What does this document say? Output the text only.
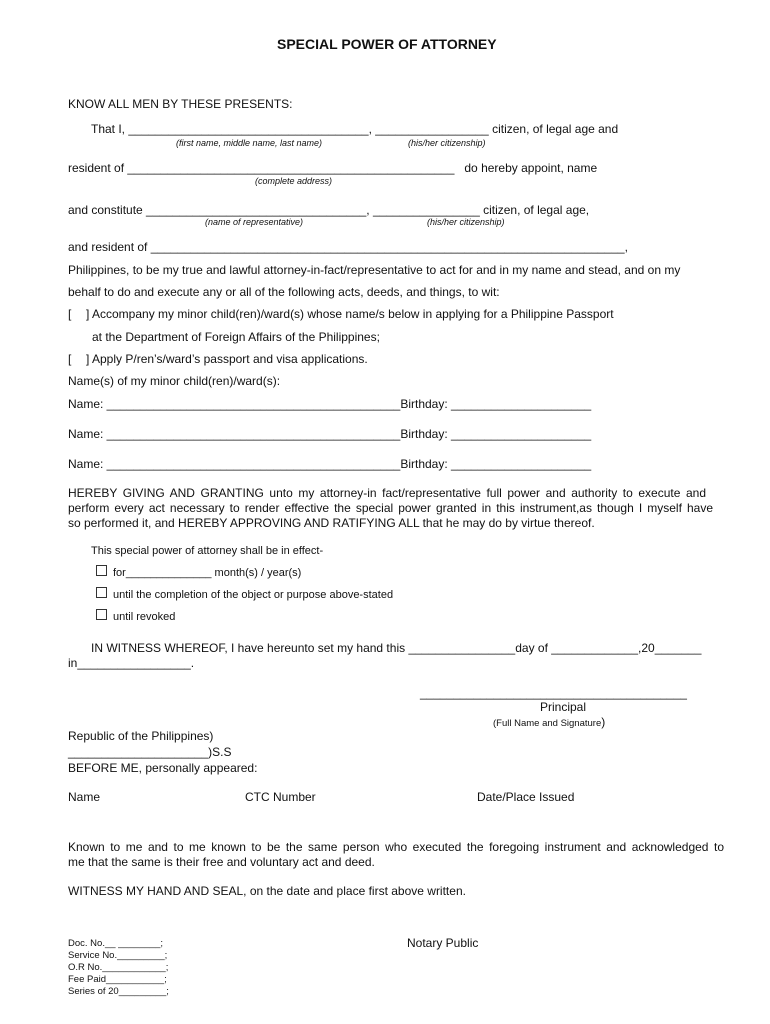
SPECIAL POWER OF ATTORNEY
KNOW ALL MEN BY THESE PRESENTS:
That I, ____________________________________, _________________ citizen, of legal age and
(first name, middle name, last name)	(his/her citizenship)
resident of _________________________________________________   do hereby appoint, name
(complete address)
and constitute _________________________________, ________________ citizen, of legal age,
(name of representative)	(his/her citizenship)
and resident of _______________________________________________________________________,
Philippines, to be my true and lawful attorney-in-fact/representative to act for and in my name and stead, and on my
behalf to do and execute any or all of the following acts, deeds, and things, to wit:
[ ] Accompany my minor child(ren)/ward(s) whose name/s below in applying for a Philippine Passport
at the Department of Foreign Affairs of the Philippines;
[ ] Apply P/ren’s/ward’s passport and visa applications.
Name(s) of my minor child(ren)/ward(s):
Name: ____________________________________________Birthday: _____________________
Name: ____________________________________________Birthday: _____________________
Name: ____________________________________________Birthday: _____________________
HEREBY GIVING AND GRANTING unto my attorney-in fact/representative full power and authority to execute and
perform every act necessary to render effective the special power granted in this instrument,as though I myself have
so performed it, and HEREBY APPROVING AND RATIFYING ALL that he may do by virtue thereof.
This special power of attorney shall be in effect-
for______________ month(s) / year(s)
until the completion of the object or purpose above-stated
until revoked
IN WITNESS WHEREOF, I have hereunto set my hand this ________________day of _____________,20_______
in_________________.
________________________________________
Principal
(Full Name and Signature)
Republic of the Philippines)
_____________________)S.S
BEFORE ME, personally appeared:
Name	CTC Number	Date/Place Issued
Known to me and to me known to be the same person who executed the foregoing instrument and acknowledged to
me that the same is their free and voluntary act and deed.
WITNESS MY HAND AND SEAL, on the date and place first above written.
Notary Public
Doc. No.__ ________;
Service No._________;
O.R No.____________;
Fee Paid___________;
Series of 20_________;
